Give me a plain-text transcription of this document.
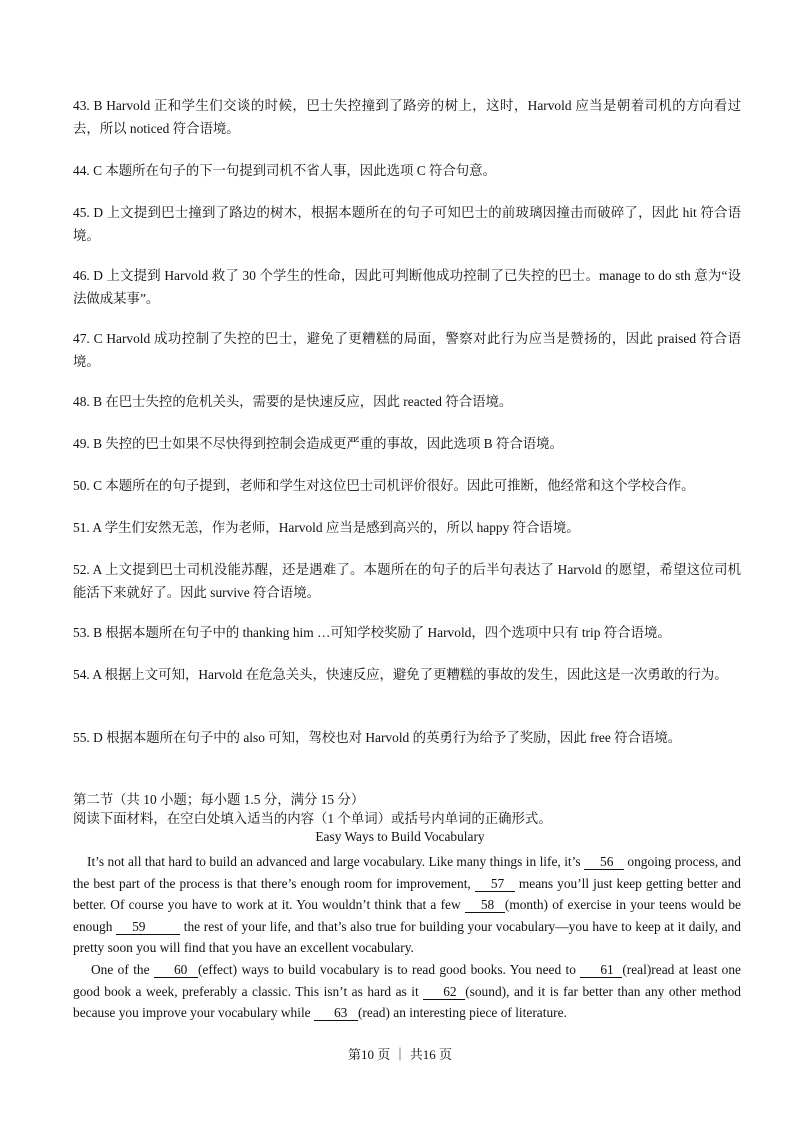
43. B Harvold 正和学生们交谈的时候，巴士失控撞到了路旁的树上，这时，Harvold 应当是朝着司机的方向看过去，所以 noticed 符合语境。
44. C 本题所在句子的下一句提到司机不省人事，因此选项 C 符合句意。
45. D 上文提到巴士撞到了路边的树木，根据本题所在的句子可知巴士的前玻璃因撞击而破碎了，因此 hit 符合语境。
46. D 上文提到 Harvold 救了 30 个学生的性命，因此可判断他成功控制了已失控的巴士。manage to do sth 意为“设法做成某事”。
47. C Harvold 成功控制了失控的巴士，避免了更糟糕的局面，警察对此行为应当是赞扬的，因此 praised 符合语境。
48. B 在巴士失控的危机关头，需要的是快速反应，因此 reacted 符合语境。
49. B 失控的巴士如果不尽快得到控制会造成更严重的事故，因此选项 B 符合语境。
50. C 本题所在的句子提到，老师和学生对这位巴士司机评价很好。因此可推断，他经常和这个学校合作。
51. A 学生们安然无恙，作为老师，Harvold 应当是感到高兴的，所以 happy 符合语境。
52. A 上文提到巴士司机没能苏醒，还是遇难了。本题所在的句子的后半句表达了 Harvold 的愿望，希望这位司机能活下来就好了。因此 survive 符合语境。
53. B 根据本题所在句子中的 thanking him …可知学校奖励了 Harvold，四个选项中只有 trip 符合语境。
54. A 根据上文可知，Harvold 在危急关头，快速反应，避免了更糟糕的事故的发生，因此这是一次勇敢的行为。
55. D 根据本题所在句子中的 also 可知，驾校也对 Harvold 的英勇行为给予了奖励，因此 free 符合语境。
第二节（共 10 小题；每小题 1.5 分，满分 15 分）
阅读下面材料，在空白处填入适当的内容（1 个单词）或括号内单词的正确形式。
Easy Ways to Build Vocabulary
It’s not all that hard to build an advanced and large vocabulary. Like many things in life, it’s 56 ongoing process, and the best part of the process is that there’s enough room for improvement, 57 means you’ll just keep getting better and better. Of course you have to work at it. You wouldn’t think that a few 58 (month) of exercise in your teens would be enough 59	the rest of your life, and that’s also true for building your vocabulary—you have to keep at it daily, and pretty soon you will find that you have an excellent vocabulary.
One of the 60 (effect) ways to build vocabulary is to read good books. You need to 61 (real)read at least one good book a week, preferably a classic. This isn’t as hard as it 62 (sound), and it is far better than any other method because you improve your vocabulary while 63 (read) an interesting piece of literature.
第10 页 ｜ 共16 页
